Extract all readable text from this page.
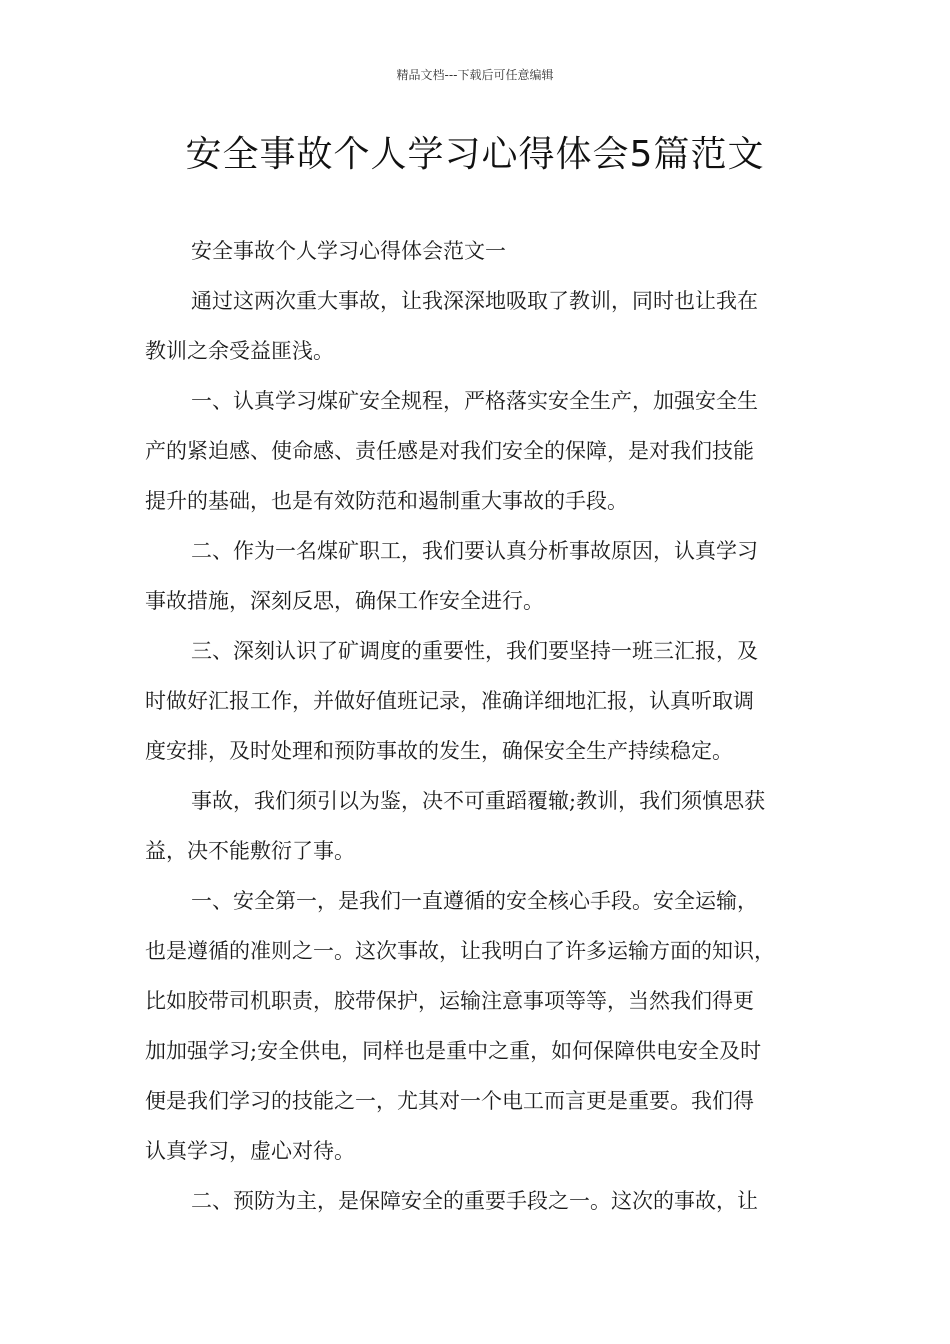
精品文档---下载后可任意编辑
安全事故个人学习心得体会5篇范文
安全事故个人学习心得体会范文一
通过这两次重大事故，让我深深地吸取了教训，同时也让我在
教训之余受益匪浅。
一、认真学习煤矿安全规程，严格落实安全生产，加强安全生
产的紧迫感、使命感、责任感是对我们安全的保障，是对我们技能
提升的基础，也是有效防范和遏制重大事故的手段。
二、作为一名煤矿职工，我们要认真分析事故原因，认真学习
事故措施，深刻反思，确保工作安全进行。
三、深刻认识了矿调度的重要性，我们要坚持一班三汇报，及
时做好汇报工作，并做好值班记录，准确详细地汇报，认真听取调
度安排，及时处理和预防事故的发生，确保安全生产持续稳定。
事故，我们须引以为鉴，决不可重蹈覆辙;教训，我们须慎思获
益，决不能敷衍了事。
一、安全第一，是我们一直遵循的安全核心手段。安全运输，
也是遵循的准则之一。这次事故，让我明白了许多运输方面的知识，
比如胶带司机职责，胶带保护，运输注意事项等等，当然我们得更
加加强学习;安全供电，同样也是重中之重，如何保障供电安全及时
便是我们学习的技能之一，尤其对一个电工而言更是重要。我们得
认真学习，虚心对待。
二、预防为主，是保障安全的重要手段之一。这次的事故，让
